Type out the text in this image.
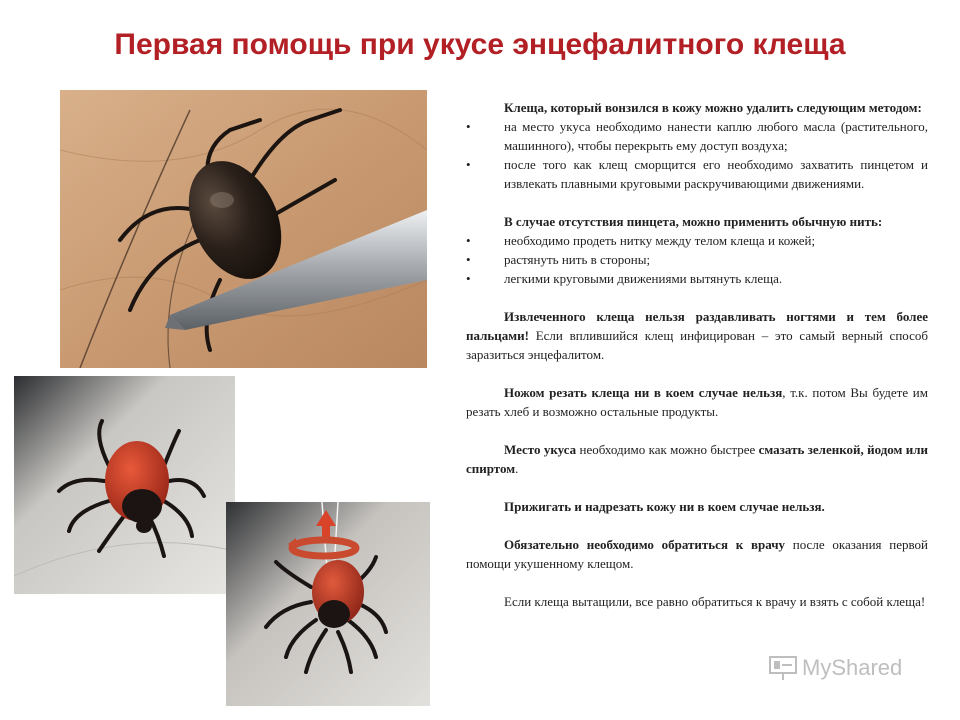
Первая помощь при укусе энцефалитного клеща

Клеща, который вонзился в кожу можно удалить следующим методом:

•	на место укуса необходимо нанести каплю любого масла (растительного, машинного), чтобы перекрыть ему доступ воздуха;
•	после того как клещ сморщится его необходимо захватить пинцетом и извлекать плавными круговыми раскручивающими движениями.

В случае отсутствия пинцета, можно применить обычную нить:

•	необходимо продеть нитку между телом клеща и кожей;
•	растянуть нить в стороны;
•	легкими круговыми движениями вытянуть клеща.

Извлеченного клеща нельзя раздавливать ногтями и тем более пальцами! Если вплившийся клещ инфицирован – это самый верный способ заразиться энцефалитом.

Ножом резать клеща ни в коем случае нельзя, т.к. потом Вы будете им резать хлеб и возможно остальные продукты.

Место укуса необходимо как можно быстрее смазать зеленкой, йодом или спиртом.

Прижигать и надрезать кожу ни в коем случае нельзя.

Обязательно необходимо обратиться к врачу после оказания первой помощи укушенному клещом.

Если клеща вытащили, все равно обратиться к врачу и взять с собой клеща!

MyShared
